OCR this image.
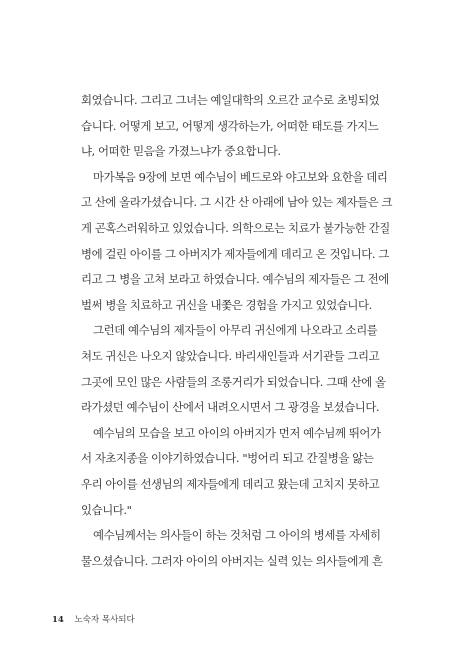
회였습니다. 그리고 그녀는 예일대학의 오르간 교수로 초빙되었
습니다. 어떻게 보고, 어떻게 생각하는가, 어떠한 태도를 가지느
냐, 어떠한 믿음을 가졌느냐가 중요합니다.
마가복음 9장에 보면 예수님이 베드로와 야고보와 요한을 데리
고 산에 올라가셨습니다. 그 시간 산 아래에 남아 있는 제자들은 크
게 곤혹스러워하고 있었습니다. 의학으로는 치료가 불가능한 간질
병에 걸린 아이를 그 아버지가 제자들에게 데리고 온 것입니다. 그
리고 그 병을 고쳐 보라고 하였습니다. 예수님의 제자들은 그 전에
벌써 병을 치료하고 귀신을 내쫓은 경험을 가지고 있었습니다.
그런데 예수님의 제자들이 아무리 귀신에게 나오라고 소리를
쳐도 귀신은 나오지 않았습니다. 바리새인들과 서기관들 그리고
그곳에 모인 많은 사람들의 조롱거리가 되었습니다. 그때 산에 올
라가셨던 예수님이 산에서 내려오시면서 그 광경을 보셨습니다.
예수님의 모습을 보고 아이의 아버지가 먼저 예수님께 뛰어가
서 자초지종을 이야기하였습니다. "벙어리 되고 간질병을 앓는
우리 아이를 선생님의 제자들에게 데리고 왔는데 고치지 못하고
있습니다."
예수님께서는 의사들이 하는 것처럼 그 아이의 병세를 자세히
물으셨습니다. 그러자 아이의 아버지는 실력 있는 의사들에게 흔
14 노숙자 목사되다
